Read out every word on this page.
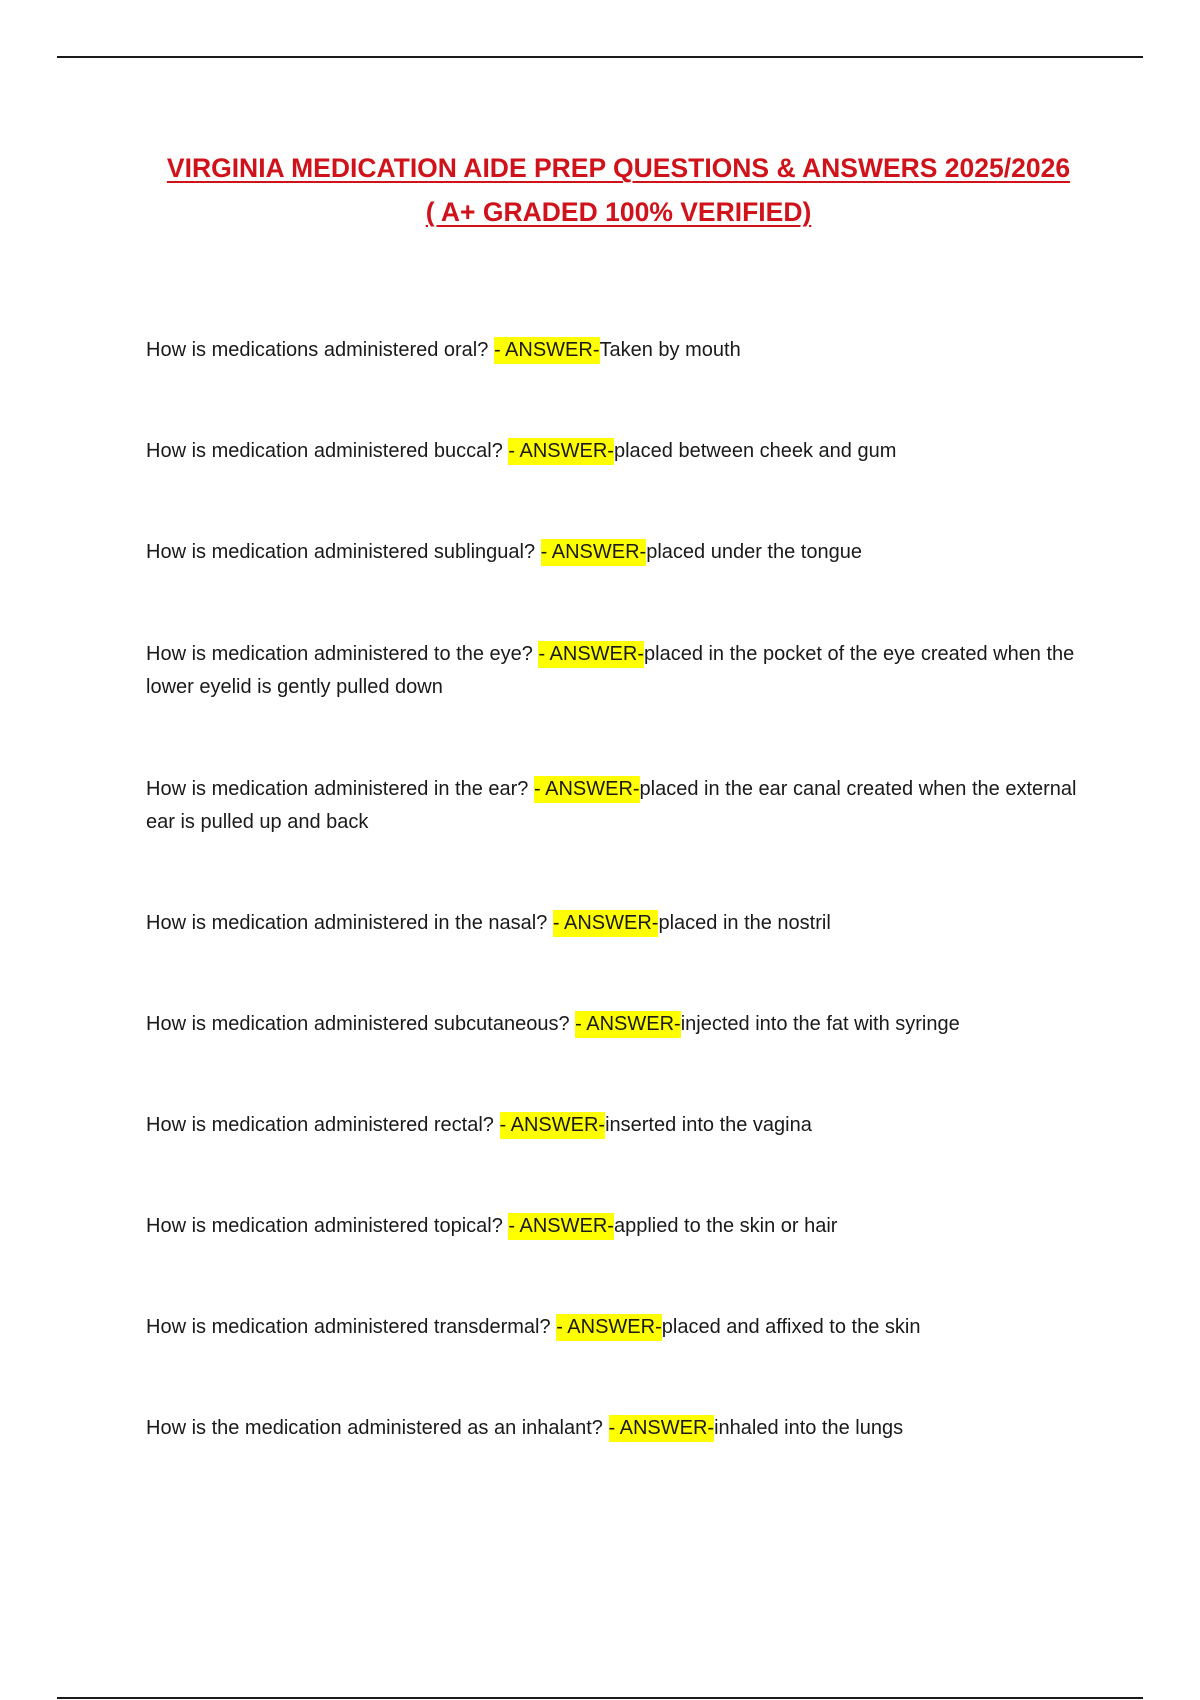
VIRGINIA MEDICATION AIDE PREP QUESTIONS & ANSWERS 2025/2026
( A+ GRADED 100% VERIFIED)
How is medications administered oral? - ANSWER-Taken by mouth
How is medication administered buccal? - ANSWER-placed between cheek and gum
How is medication administered sublingual? - ANSWER-placed under the tongue
How is medication administered to the eye? - ANSWER-placed in the pocket of the eye created when the lower eyelid is gently pulled down
How is medication administered in the ear? - ANSWER-placed in the ear canal created when the external ear is pulled up and back
How is medication administered in the nasal? - ANSWER-placed in the nostril
How is medication administered subcutaneous? - ANSWER-injected into the fat with syringe
How is medication administered rectal? - ANSWER-inserted into the vagina
How is medication administered topical? - ANSWER-applied to the skin or hair
How is medication administered transdermal? - ANSWER-placed and affixed to the skin
How is the medication administered as an inhalant? - ANSWER-inhaled into the lungs
